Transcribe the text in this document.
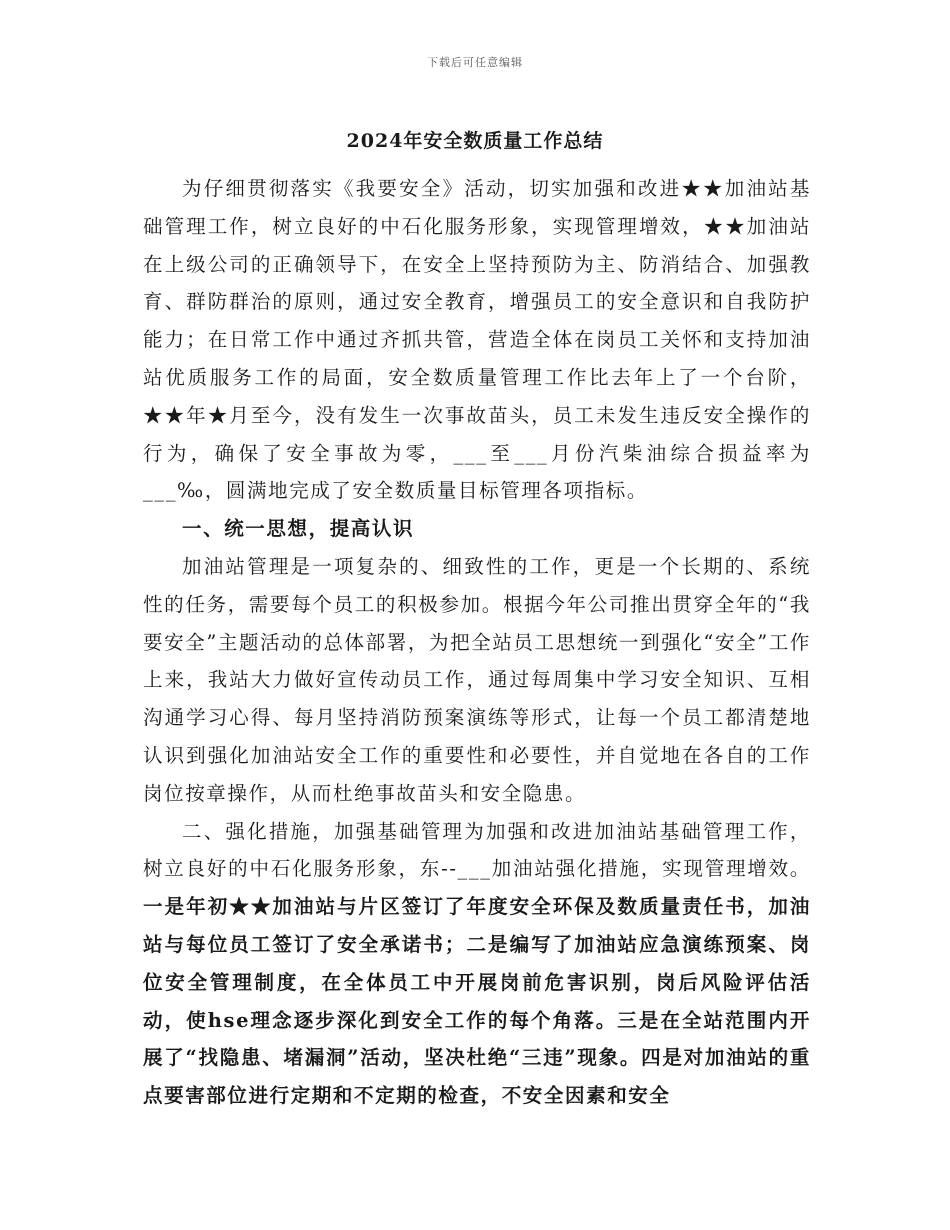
下载后可任意编辑
2024年安全数质量工作总结

为仔细贯彻落实《我要安全》活动，切实加强和改进★★加油站基础管理工作，树立良好的中石化服务形象，实现管理增效，★★加油站在上级公司的正确领导下，在安全上坚持预防为主、防消结合、加强教育、群防群治的原则，通过安全教育，增强员工的安全意识和自我防护能力；在日常工作中通过齐抓共管，营造全体在岗员工关怀和支持加油站优质服务工作的局面，安全数质量管理工作比去年上了一个台阶，★★年★月至今，没有发生一次事故苗头，员工未发生违反安全操作的行为，确保了安全事故为零，___至___月份汽柴油综合损益率为___‰，圆满地完成了安全数质量目标管理各项指标。

一、统一思想，提高认识

加油站管理是一项复杂的、细致性的工作，更是一个长期的、系统性的任务，需要每个员工的积极参加。根据今年公司推出贯穿全年的“我要安全”主题活动的总体部署，为把全站员工思想统一到强化“安全”工作上来，我站大力做好宣传动员工作，通过每周集中学习安全知识、互相沟通学习心得、每月坚持消防预案演练等形式，让每一个员工都清楚地认识到强化加油站安全工作的重要性和必要性，并自觉地在各自的工作岗位按章操作，从而杜绝事故苗头和安全隐患。

二、强化措施，加强基础管理为加强和改进加油站基础管理工作，树立良好的中石化服务形象，东--___加油站强化措施，实现管理增效。一是年初★★加油站与片区签订了年度安全环保及数质量责任书，加油站与每位员工签订了安全承诺书；二是编写了加油站应急演练预案、岗位安全管理制度，在全体员工中开展岗前危害识别，岗后风险评估活动，使hse理念逐步深化到安全工作的每个角落。三是在全站范围内开展了“找隐患、堵漏洞”活动，坚决杜绝“三违”现象。四是对加油站的重点要害部位进行定期和不定期的检查，不安全因素和安全
